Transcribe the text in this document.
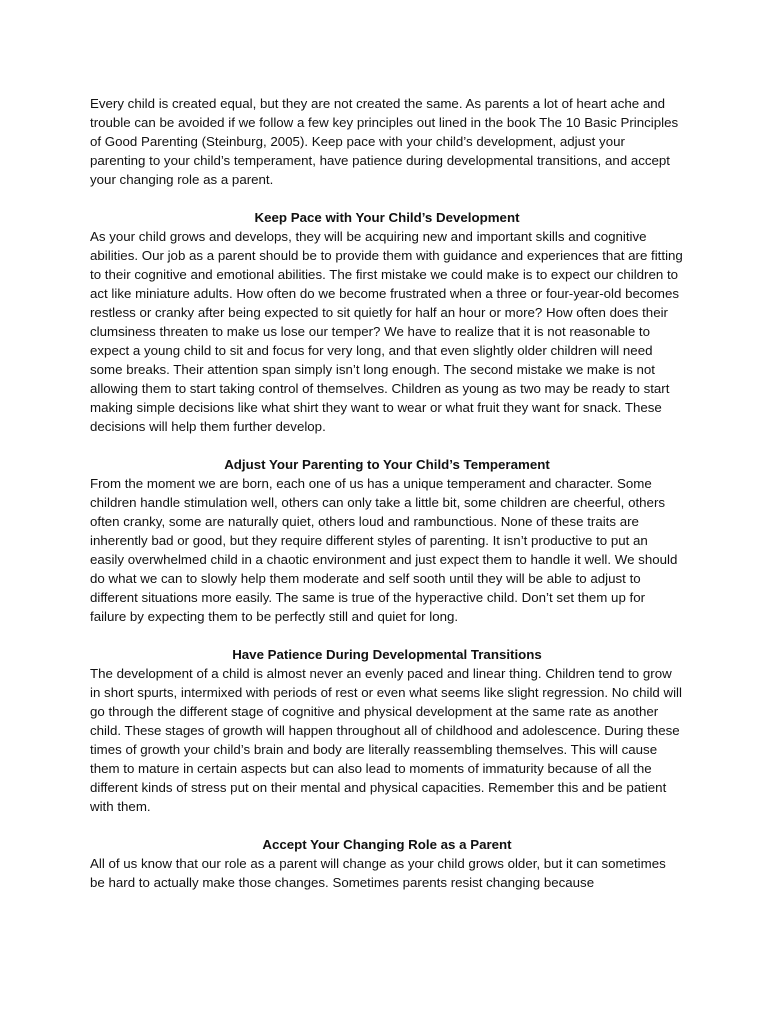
Every child is created equal, but they are not created the same. As parents a lot of heart ache and trouble can be avoided if we follow a few key principles out lined in the book The 10 Basic Principles of Good Parenting (Steinburg, 2005). Keep pace with your child’s development, adjust your parenting to your child’s temperament, have patience during developmental transitions, and accept your changing role as a parent.

Keep Pace with Your Child’s Development

As your child grows and develops, they will be acquiring new and important skills and cognitive abilities. Our job as a parent should be to provide them with guidance and experiences that are fitting to their cognitive and emotional abilities. The first mistake we could make is to expect our children to act like miniature adults. How often do we become frustrated when a three or four-year-old becomes restless or cranky after being expected to sit quietly for half an hour or more? How often does their clumsiness threaten to make us lose our temper? We have to realize that it is not reasonable to expect a young child to sit and focus for very long, and that even slightly older children will need some breaks. Their attention span simply isn’t long enough. The second mistake we make is not allowing them to start taking control of themselves. Children as young as two may be ready to start making simple decisions like what shirt they want to wear or what fruit they want for snack. These decisions will help them further develop.

Adjust Your Parenting to Your Child’s Temperament

From the moment we are born, each one of us has a unique temperament and character. Some children handle stimulation well, others can only take a little bit, some children are cheerful, others often cranky, some are naturally quiet, others loud and rambunctious. None of these traits are inherently bad or good, but they require different styles of parenting. It isn’t productive to put an easily overwhelmed child in a chaotic environment and just expect them to handle it well. We should do what we can to slowly help them moderate and self sooth until they will be able to adjust to different situations more easily. The same is true of the hyperactive child. Don’t set them up for failure by expecting them to be perfectly still and quiet for long.

Have Patience During Developmental Transitions

The development of a child is almost never an evenly paced and linear thing. Children tend to grow in short spurts, intermixed with periods of rest or even what seems like slight regression. No child will go through the different stage of cognitive and physical development at the same rate as another child. These stages of growth will happen throughout all of childhood and adolescence. During these times of growth your child’s brain and body are literally reassembling themselves. This will cause them to mature in certain aspects but can also lead to moments of immaturity because of all the different kinds of stress put on their mental and physical capacities. Remember this and be patient with them.

Accept Your Changing Role as a Parent

All of us know that our role as a parent will change as your child grows older, but it can sometimes be hard to actually make those changes. Sometimes parents resist changing because
